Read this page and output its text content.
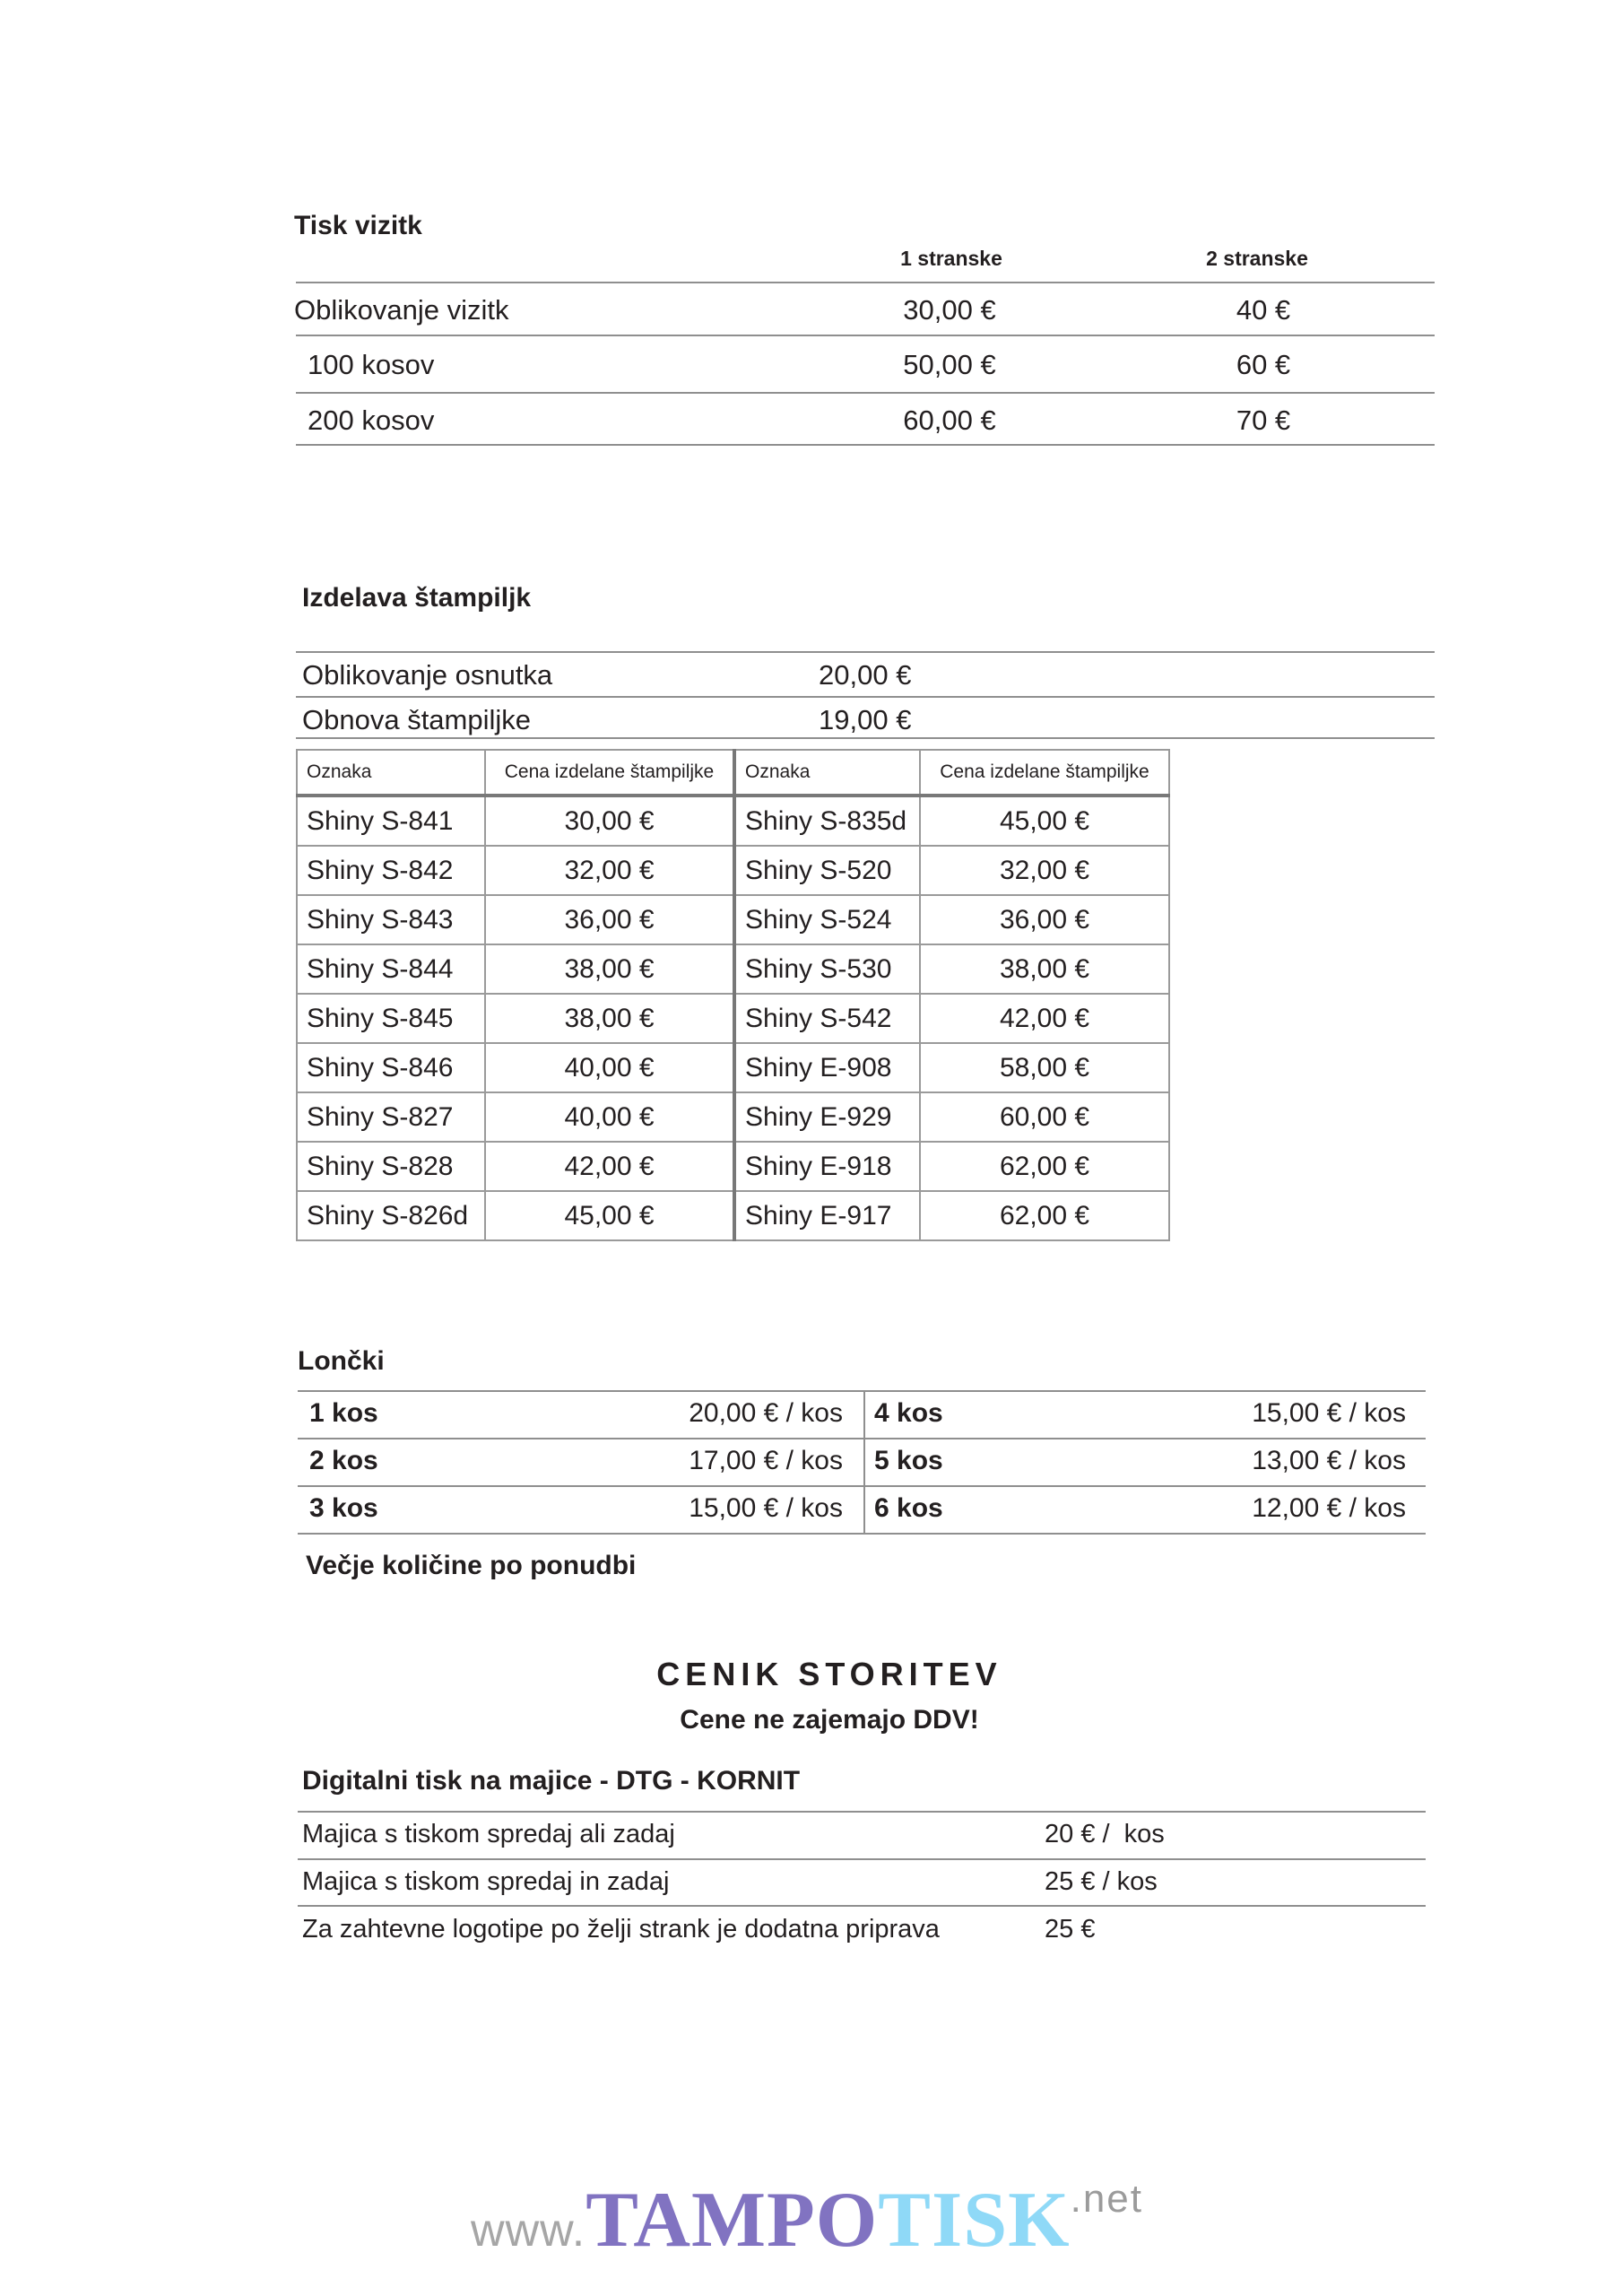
Tisk vizitk
1 stranske	2 stranske
Oblikovanje vizitk	30,00 €	40 €
100 kosov	50,00 €	60 €
200 kosov	60,00 €	70 €
Izdelava štampiljk
Oblikovanje osnutka	20,00 €
Obnova štampiljke	19,00 €
Oznaka	Cena izdelane štampiljke	Oznaka	Cena izdelane štampiljke
Shiny S-841	30,00 €	Shiny S-835d	45,00 €
Shiny S-842	32,00 €	Shiny S-520	32,00 €
Shiny S-843	36,00 €	Shiny S-524	36,00 €
Shiny S-844	38,00 €	Shiny S-530	38,00 €
Shiny S-845	38,00 €	Shiny S-542	42,00 €
Shiny S-846	40,00 €	Shiny E-908	58,00 €
Shiny S-827	40,00 €	Shiny E-929	60,00 €
Shiny S-828	42,00 €	Shiny E-918	62,00 €
Shiny S-826d	45,00 €	Shiny E-917	62,00 €
Lončki
1 kos	20,00 € / kos 4 kos	15,00 € / kos
2 kos	17,00 € / kos 5 kos	13,00 € / kos
3 kos	15,00 € / kos 6 kos	12,00 € / kos
Večje količine po ponudbi
CENIK STORITEV
Cene ne zajemajo DDV!
Digitalni tisk na majice - DTG - KORNIT
Majica s tiskom spredaj ali zadaj	20 € /  kos
Majica s tiskom spredaj in zadaj	25 € / kos
Za zahtevne logotipe po želji strank je dodatna priprava	25 €
www. TAMPO TISK .net
